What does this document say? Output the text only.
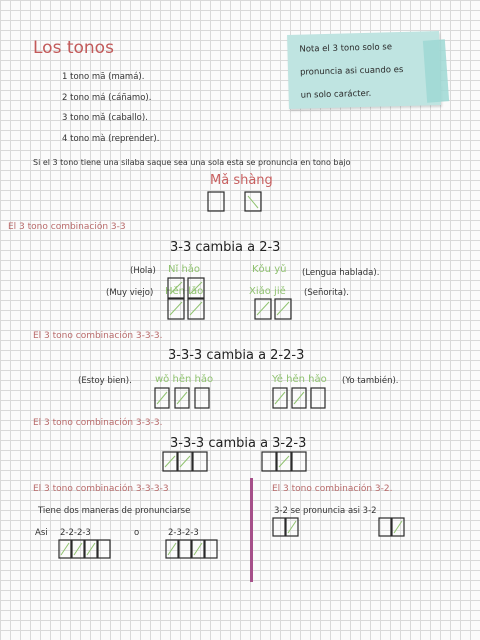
Los tonos
1 tono mā (mamá).
2 tono má (cáñamo).
3 tono mǎ (caballo).
4 tono mà (reprender).
Nota el 3 tono solo se
pronuncia asi cuando es
un solo carácter.
Si el 3 tono tiene una silaba saque sea una sola esta se pronuncia en tono bajo
Mǎ shàng
El 3 tono combinación 3-3
3-3 cambia a 2-3
(Hola) Nǐ hǎo	Kǒu yǔ (Lengua hablada).
(Muy viejo) Hěn lǎo	Xiǎo jiě (Señorita).
El 3 tono combinación 3-3-3.
3-3-3 cambia a 2-2-3
(Estoy bien). wǒ hěn hǎo	Yě hěn hǎo (Yo también).
El 3 tono combinación 3-3-3.
3-3-3 cambia a 3-2-3
El 3 tono combinación 3-3-3-3
Tiene dos maneras de pronunciarse
Asi 2-2-2-3	o	2-3-2-3
El 3 tono combinación 3-2.
3-2 se pronuncia asi 3-2
